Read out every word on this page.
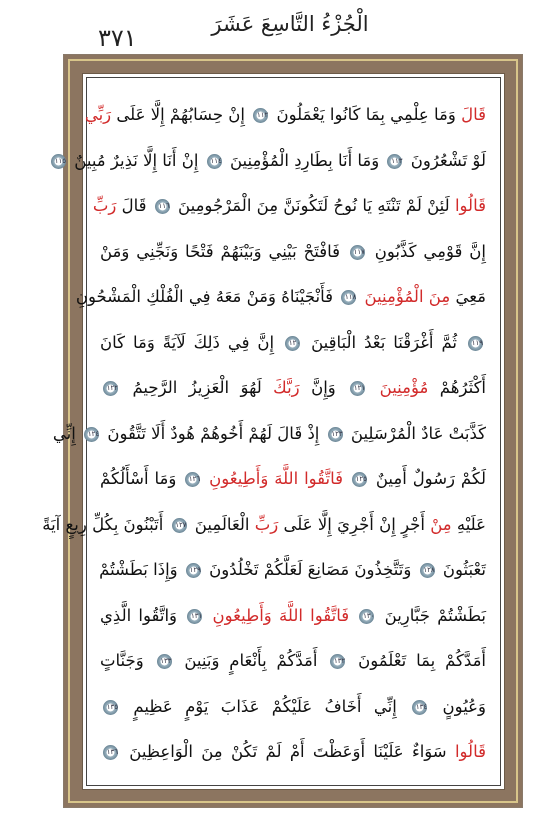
٣٧١	الْجُزْءُ التَّاسِعَ عَشَرَ
قَالَ وَمَا عِلْمِي بِمَا كَانُوا يَعْمَلُونَ ١١٢ إِنْ حِسَابُهُمْ إِلَّا عَلَى رَبِّي
لَوْ تَشْعُرُونَ ١١٣ وَمَا أَنَا بِطَارِدِ الْمُؤْمِنِينَ ١١٤ إِنْ أَنَا إِلَّا نَذِيرٌ مُبِينٌ ١١٥
قَالُوا لَئِنْ لَمْ تَنْتَهِ يَا نُوحُ لَتَكُونَنَّ مِنَ الْمَرْجُومِينَ ١١٦ قَالَ رَبِّ
إِنَّ قَوْمِي كَذَّبُونِ ١١٧ فَافْتَحْ بَيْنِي وَبَيْنَهُمْ فَتْحًا وَنَجِّنِي وَمَنْ
مَعِيَ مِنَ الْمُؤْمِنِينَ ١١٨ فَأَنْجَيْنَاهُ وَمَنْ مَعَهُ فِي الْفُلْكِ الْمَشْحُونِ
١١٩ ثُمَّ أَغْرَقْنَا بَعْدُ الْبَاقِينَ ١٢٠ إِنَّ فِي ذَلِكَ لَآيَةً وَمَا كَانَ
أَكْثَرُهُمْ مُؤْمِنِينَ ١٢١ وَإِنَّ رَبَّكَ لَهُوَ الْعَزِيزُ الرَّحِيمُ ١٢٢
كَذَّبَتْ عَادٌ الْمُرْسَلِينَ ١٢٣ إِذْ قَالَ لَهُمْ أَخُوهُمْ هُودٌ أَلَا تَتَّقُونَ ١٢٤ إِنِّي
لَكُمْ رَسُولٌ أَمِينٌ ١٢٥ فَاتَّقُوا اللَّهَ وَأَطِيعُونِ ١٢٦ وَمَا أَسْأَلُكُمْ
عَلَيْهِ مِنْ أَجْرٍ إِنْ أَجْرِيَ إِلَّا عَلَى رَبِّ الْعَالَمِينَ ١٢٧ أَتَبْنُونَ بِكُلِّ رِيعٍ آيَةً
تَعْبَثُونَ ١٢٨ وَتَتَّخِذُونَ مَصَانِعَ لَعَلَّكُمْ تَخْلُدُونَ ١٢٩ وَإِذَا بَطَشْتُمْ
بَطَشْتُمْ جَبَّارِينَ ١٣٠ فَاتَّقُوا اللَّهَ وَأَطِيعُونِ ١٣١ وَاتَّقُوا الَّذِي
أَمَدَّكُمْ بِمَا تَعْلَمُونَ ١٣٢ أَمَدَّكُمْ بِأَنْعَامٍ وَبَنِينَ ١٣٣ وَجَنَّاتٍ
وَعُيُونٍ ١٣٤ إِنِّي أَخَافُ عَلَيْكُمْ عَذَابَ يَوْمٍ عَظِيمٍ ١٣٥
قَالُوا سَوَاءٌ عَلَيْنَا أَوَعَظْتَ أَمْ لَمْ تَكُنْ مِنَ الْوَاعِظِينَ ١٣٦
